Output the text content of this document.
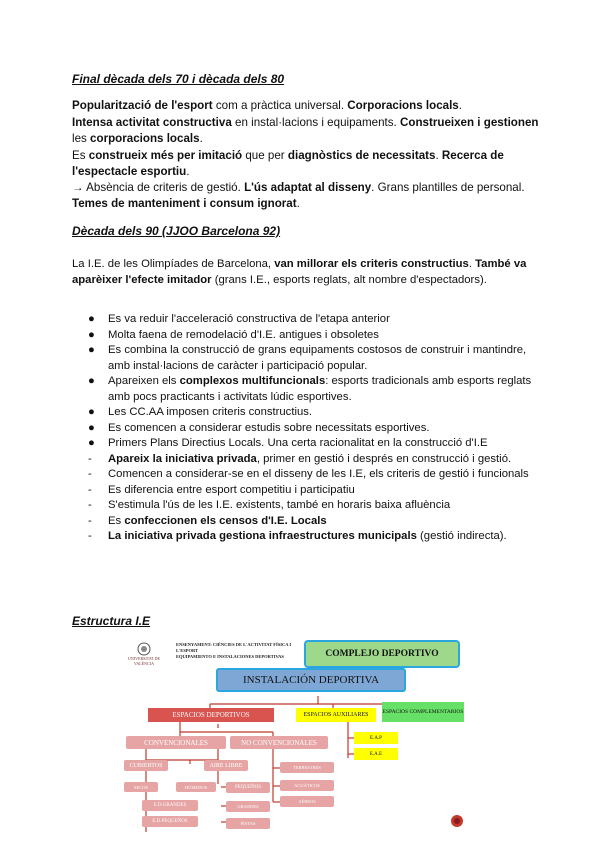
Final dècada dels 70 i dècada dels 80
Popularització de l'esport com a pràctica universal. Corporacions locals.
Intensa activitat constructiva en instal·lacions i equipaments. Construeixen i gestionen les corporacions locals.
Es construeix més per imitació que per diagnòstics de necessitats. Recerca de l'espectacle esportiu.
→ Absència de criteris de gestió. L'ús adaptat al disseny. Grans plantilles de personal. Temes de manteniment i consum ignorat.
Dècada dels 90 (JJOO Barcelona 92)
La I.E. de les Olimpíades de Barcelona, van millorar els criteris constructius. També va aparèixer l'efecte imitador (grans I.E., esports reglats, alt nombre d'espectadors).
● Es va reduir l'acceleració constructiva de l'etapa anterior
● Molta faena de remodelació d'I.E. antigues i obsoletes
● Es combina la construcció de grans equipaments costosos de construir i mantindre, amb instal·lacions de caràcter i participació popular.
● Apareixen els complexos multifuncionals: esports tradicionals amb esports reglats amb pocs practicants i activitats lúdic esportives.
● Les CC.AA imposen criteris constructius.
● Es comencen a considerar estudis sobre necessitats esportives.
● Primers Plans Directius Locals. Una certa racionalitat en la construcció d'I.E
- Apareix la iniciativa privada, primer en gestió i després en construcció i gestió.
- Comencen a considerar-se en el disseny de les I.E, els criteris de gestió i funcionals
- Es diferencia entre esport competitiu i participatiu
- S'estimula l'ús de les I.E. existents, també en horaris baixa afluència
- Es confeccionen els censos d'I.E. Locals
- La iniciativa privada gestiona infraestructures municipals (gestió indirecta).
Estructura I.E
UNIVERSITAT DE VALÈNCIA
ENSENYAMENT: CIÈNCIES DE L'ACTIVITAT FÍSICA I L'ESPORT
EQUIPAMIENTO E INSTALACIONES DEPORTIVAS	COMPLEJO DEPORTIVO
INSTALACIÓN DEPORTIVA
ESPACIOS DEPORTIVOS	ESPACIOS AUXILIARES
ESPACIOS COMPLEMENTARIOS
E.A.P
E.A.E
CONVENCIONALES	NO CONVENCIONALES
CUBIERTOS	AIRE LIBRE
SECOS	HÚMEDOS
E.D.GRANDES
E.D.PEQUEÑOS
PEQUEÑOS
GRANDES
PISTAS
TERRESTRES
ACUÁTICOS
AÉREOS
